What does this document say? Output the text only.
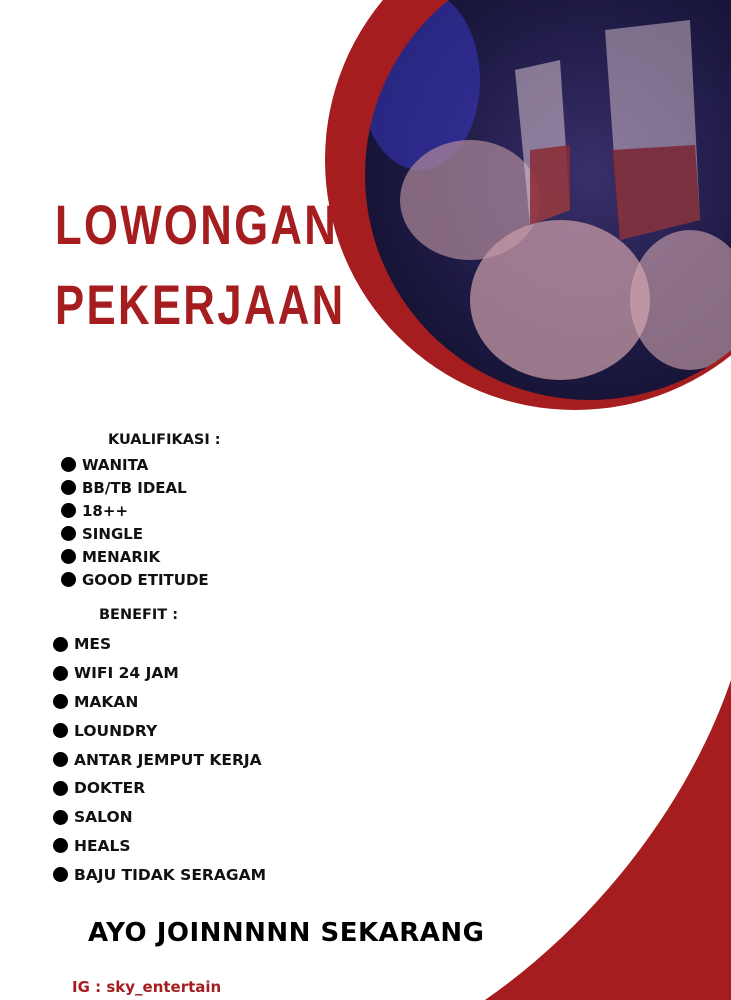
LOWONGAN
PEKERJAAN
KUALIFIKASI :
WANITA
BB/TB IDEAL
18++
SINGLE
MENARIK
GOOD ETITUDE
BENEFIT :
MES
WIFI 24 JAM
MAKAN
LOUNDRY
ANTAR JEMPUT KERJA
DOKTER
SALON
HEALS
BAJU TIDAK SERAGAM
AYO JOINNNNN SEKARANG
IG : sky_entertain
